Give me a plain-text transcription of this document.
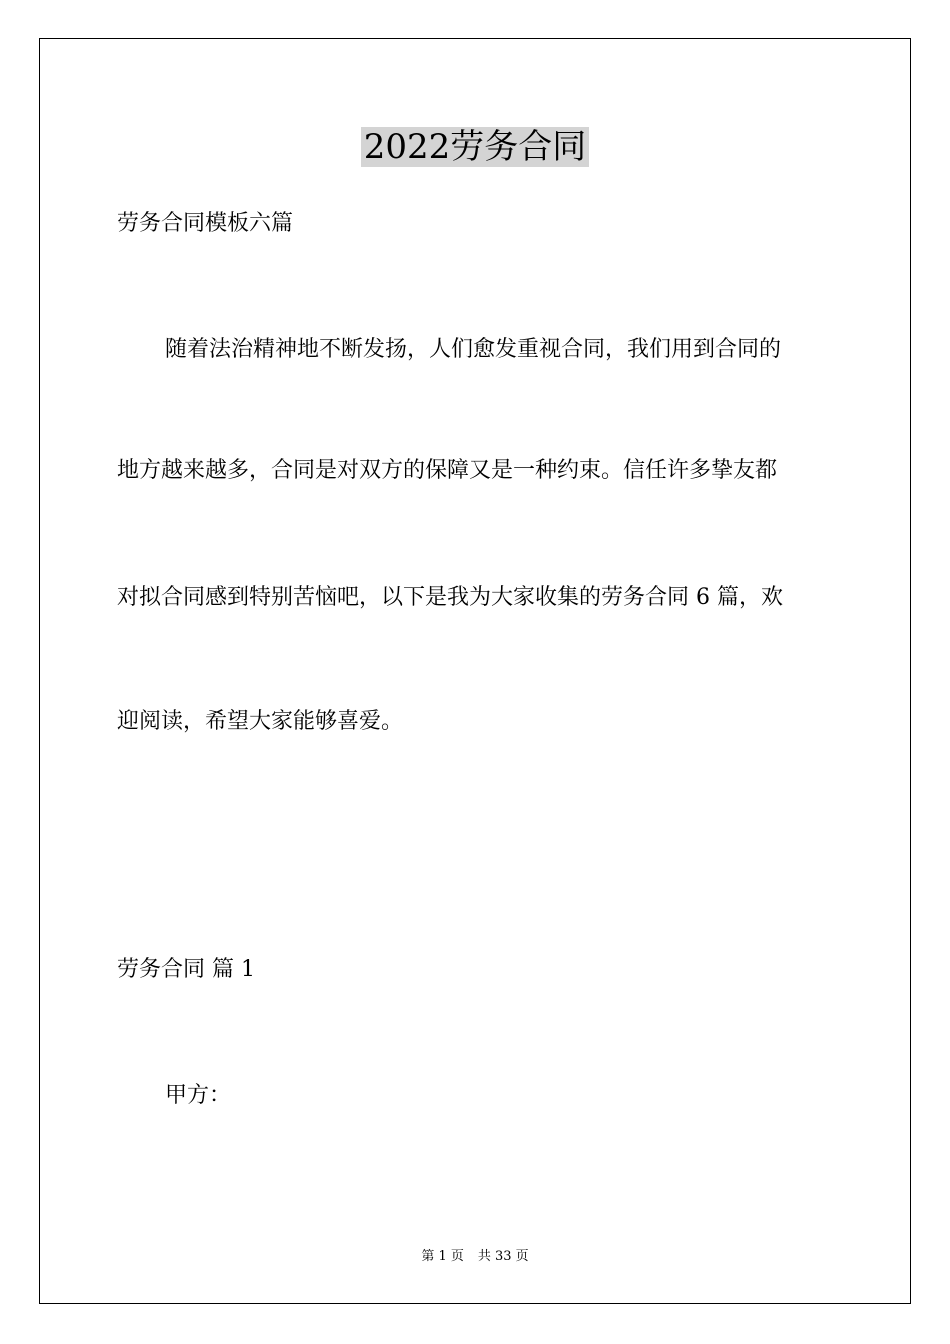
2022劳务合同
劳务合同模板六篇
随着法治精神地不断发扬，人们愈发重视合同，我们用到合同的
地方越来越多，合同是对双方的保障又是一种约束。信任许多挚友都
对拟合同感到特别苦恼吧，以下是我为大家收集的劳务合同 6 篇，欢
迎阅读，希望大家能够喜爱。
劳务合同 篇 1
甲方：
第 1 页 共 33 页
